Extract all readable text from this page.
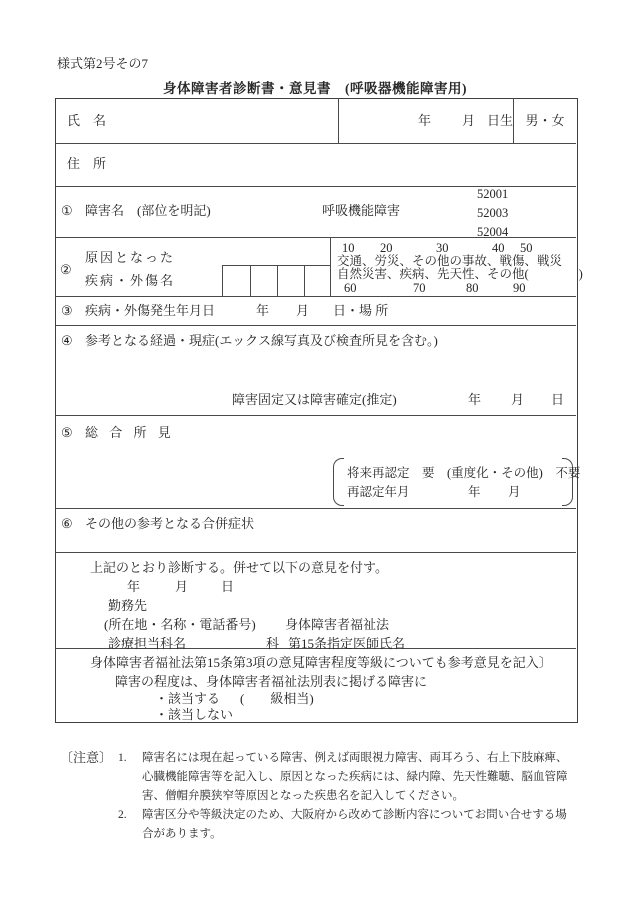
様式第2号その7
身体障害者診断書・意見書　(呼吸器機能障害用)
氏　名	年 月 日生 男・女
住　所
① 障害名　(部位を明記)	呼吸機能障害
52001
52003
52004
②
原因となった
疾病・外傷名

10 20	30	40 50
交通、労災、その他の事故、戦傷、戦災
自然災害、疾病、先天性、その他(　　　　)
60	70	80	90
③ 疾病・外傷発生年月日	年 月 日・場 所
④ 参考となる経過・現症(エックス線写真及び検査所見を含む。)
障害固定又は障害確定(推定)	年 月 日
⑤ 総 合 所 見
将来再認定　要　(重度化・その他)　不要
再認定年月	年 月
⑥ その他の参考となる合併症状
上記のとおり診断する。併せて以下の意見を付す。
年	月	日
勤務先
(所在地・名称・電話番号) 身体障害者福祉法
診療担当科名	科 第15条指定医師氏名
身体障害者福祉法第15条第3項の意見
〔障害程度等級についても参考意見を記入〕
障害の程度は、身体障害者福祉法別表に掲げる障害に
・該当する (　　級相当)
・該当しない
〔注意〕 1. 障害名には現在起っている障害、例えば両眼視力障害、両耳ろう、右上下肢麻痺、
心臓機能障害等を記入し、原因となった疾病には、緑内障、先天性難聴、脳血管障
害、僧帽弁膜狭窄等原因となった疾患名を記入してください。
2. 障害区分や等級決定のため、大阪府から改めて診断内容についてお問い合せする場
合があります。
